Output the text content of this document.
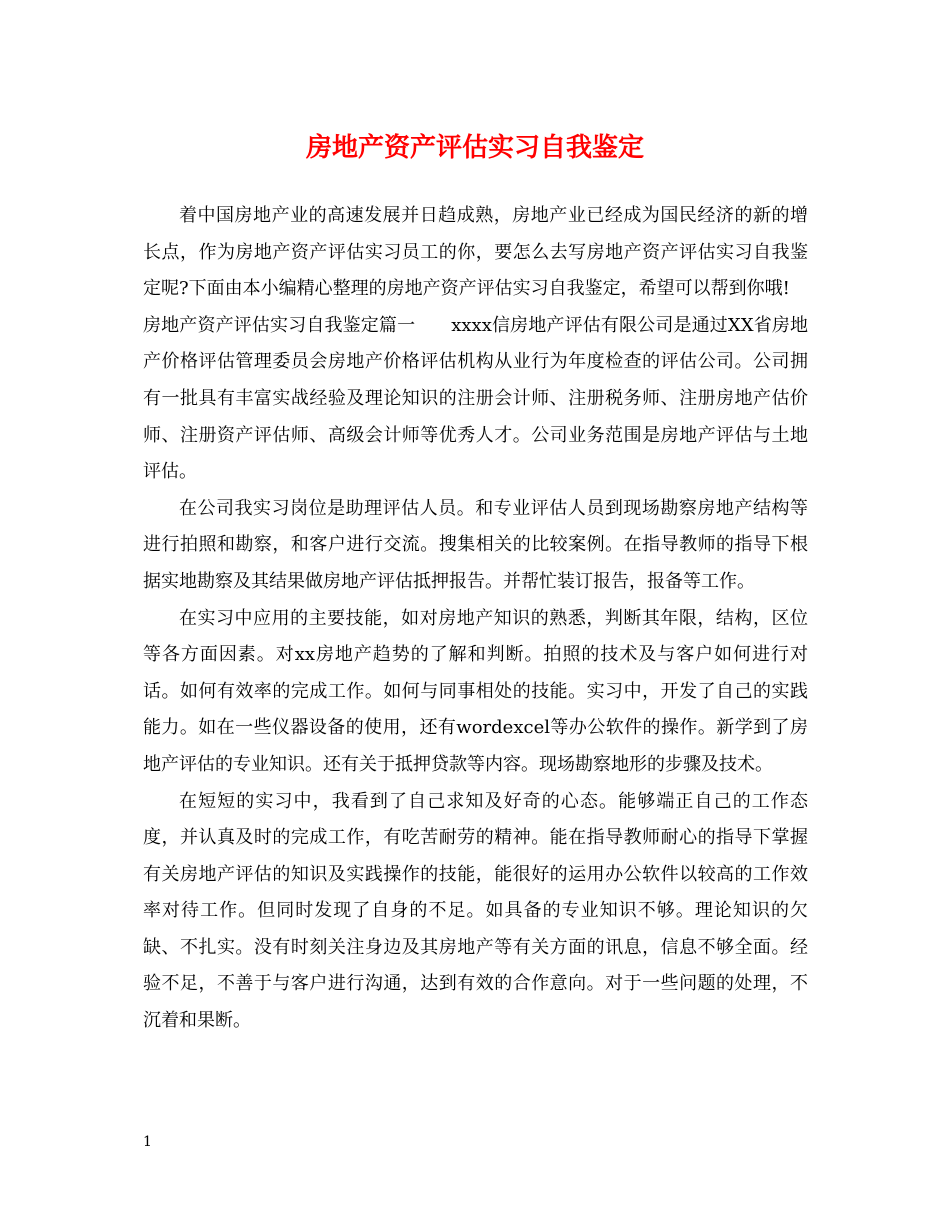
房地产资产评估实习自我鉴定

着中国房地产业的高速发展并日趋成熟，房地产业已经成为国民经济的新的增长点，作为房地产资产评估实习员工的你，要怎么去写房地产资产评估实习自我鉴定呢?下面由本小编精心整理的房地产资产评估实习自我鉴定，希望可以帮到你哦!

房地产资产评估实习自我鉴定篇一 xxxx信房地产评估有限公司是通过XX省房地产价格评估管理委员会房地产价格评估机构从业行为年度检查的评估公司。公司拥有一批具有丰富实战经验及理论知识的注册会计师、注册税务师、注册房地产估价师、注册资产评估师、高级会计师等优秀人才。公司业务范围是房地产评估与土地评估。

在公司我实习岗位是助理评估人员。和专业评估人员到现场勘察房地产结构等进行拍照和勘察，和客户进行交流。搜集相关的比较案例。在指导教师的指导下根据实地勘察及其结果做房地产评估抵押报告。并帮忙装订报告，报备等工作。

在实习中应用的主要技能，如对房地产知识的熟悉，判断其年限，结构，区位等各方面因素。对xx房地产趋势的了解和判断。拍照的技术及与客户如何进行对话。如何有效率的完成工作。如何与同事相处的技能。实习中，开发了自己的实践能力。如在一些仪器设备的使用，还有wordexcel等办公软件的操作。新学到了房地产评估的专业知识。还有关于抵押贷款等内容。现场勘察地形的步骤及技术。

在短短的实习中，我看到了自己求知及好奇的心态。能够端正自己的工作态度，并认真及时的完成工作，有吃苦耐劳的精神。能在指导教师耐心的指导下掌握有关房地产评估的知识及实践操作的技能，能很好的运用办公软件以较高的工作效率对待工作。但同时发现了自身的不足。如具备的专业知识不够。理论知识的欠缺、不扎实。没有时刻关注身边及其房地产等有关方面的讯息，信息不够全面。经验不足，不善于与客户进行沟通，达到有效的合作意向。对于一些问题的处理，不沉着和果断。

1
